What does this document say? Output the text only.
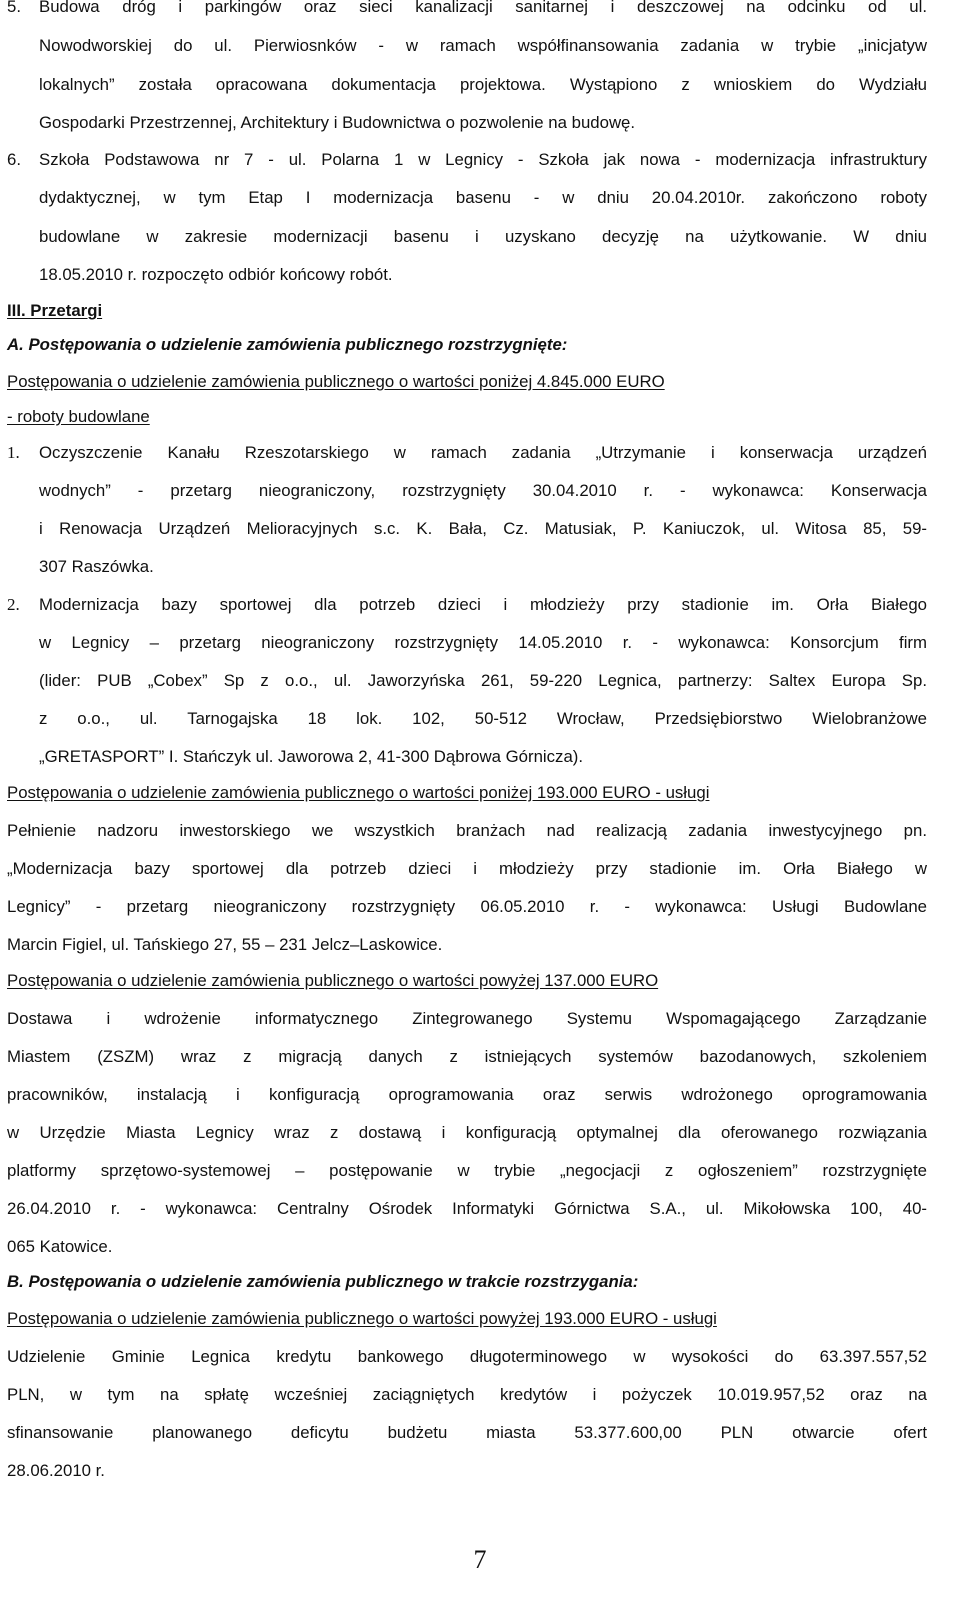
5.	Budowa dróg i parkingów oraz sieci kanalizacji sanitarnej i deszczowej na odcinku od ul.
Nowodworskiej do ul. Pierwiosnków - w ramach współfinansowania zadania w trybie „inicjatyw
lokalnych” została opracowana dokumentacja projektowa. Wystąpiono z wnioskiem do Wydziału
Gospodarki Przestrzennej, Architektury i Budownictwa o pozwolenie na budowę.
6.	Szkoła Podstawowa nr 7 - ul. Polarna 1 w Legnicy - Szkoła jak nowa - modernizacja infrastruktury
dydaktycznej, w tym Etap I modernizacja basenu - w dniu 20.04.2010r. zakończono roboty
budowlane w zakresie modernizacji basenu i uzyskano decyzję na użytkowanie. W dniu
18.05.2010 r. rozpoczęto odbiór końcowy robót.
III. Przetargi
A. Postępowania o udzielenie zamówienia publicznego rozstrzygnięte:
Postępowania o udzielenie zamówienia publicznego o wartości poniżej 4.845.000 EURO
- roboty budowlane
1.	Oczyszczenie Kanału Rzeszotarskiego w ramach zadania „Utrzymanie i konserwacja urządzeń
wodnych” - przetarg nieograniczony, rozstrzygnięty 30.04.2010 r. - wykonawca: Konserwacja
i Renowacja Urządzeń Melioracyjnych s.c. K. Bała, Cz. Matusiak, P. Kaniuczok, ul. Witosa 85, 59-
307 Raszówka.
2.	Modernizacja bazy sportowej dla potrzeb dzieci i młodzieży przy stadionie im. Orła Białego
w Legnicy – przetarg nieograniczony rozstrzygnięty 14.05.2010 r. - wykonawca: Konsorcjum firm
(lider: PUB „Cobex” Sp z o.o., ul. Jaworzyńska 261, 59-220 Legnica, partnerzy: Saltex Europa Sp.
z o.o., ul. Tarnogajska 18 lok. 102, 50-512 Wrocław, Przedsiębiorstwo Wielobranżowe
„GRETASPORT” I. Stańczyk ul. Jaworowa 2, 41-300 Dąbrowa Górnicza).
Postępowania o udzielenie zamówienia publicznego o wartości poniżej 193.000 EURO - usługi
Pełnienie nadzoru inwestorskiego we wszystkich branżach nad realizacją zadania inwestycyjnego pn.
„Modernizacja bazy sportowej dla potrzeb dzieci i młodzieży przy stadionie im. Orła Białego w
Legnicy” - przetarg nieograniczony rozstrzygnięty 06.05.2010 r. - wykonawca: Usługi Budowlane
Marcin Figiel, ul. Tańskiego 27, 55 – 231 Jelcz–Laskowice.
Postępowania o udzielenie zamówienia publicznego o wartości powyżej 137.000 EURO
Dostawa i wdrożenie informatycznego Zintegrowanego Systemu Wspomagającego Zarządzanie
Miastem (ZSZM) wraz z migracją danych z istniejących systemów bazodanowych, szkoleniem
pracowników, instalacją i konfiguracją oprogramowania oraz serwis wdrożonego oprogramowania
w Urzędzie Miasta Legnicy wraz z dostawą i konfiguracją optymalnej dla oferowanego rozwiązania
platformy sprzętowo-systemowej – postępowanie w trybie „negocjacji z ogłoszeniem” rozstrzygnięte
26.04.2010 r. - wykonawca: Centralny Ośrodek Informatyki Górnictwa S.A., ul. Mikołowska 100, 40-
065 Katowice.
B. Postępowania o udzielenie zamówienia publicznego w trakcie rozstrzygania:
Postępowania o udzielenie zamówienia publicznego o wartości powyżej 193.000 EURO - usługi
Udzielenie Gminie Legnica kredytu bankowego długoterminowego w wysokości do 63.397.557,52
PLN, w tym na spłatę wcześniej zaciągniętych kredytów i pożyczek 10.019.957,52 oraz na
sfinansowanie planowanego deficytu budżetu miasta 53.377.600,00 PLN otwarcie ofert
28.06.2010 r.
7
